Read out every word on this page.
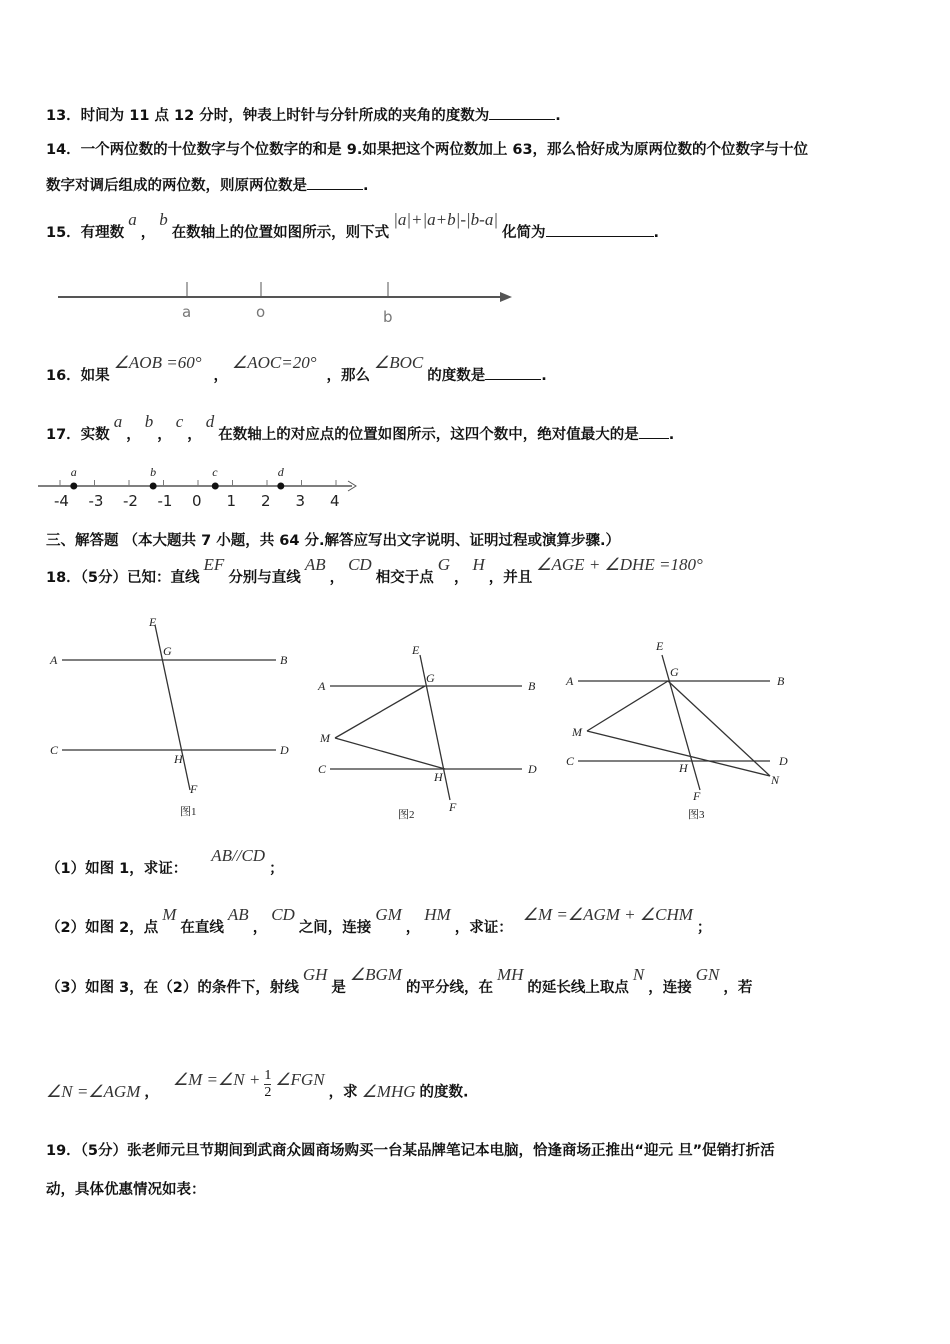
13．时间为 11 点 12 分时，钟表上时针与分针所成的夹角的度数为	.
14．一个两位数的十位数字与个位数字的和是 9.如果把这个两位数加上 63，那么恰好成为原两位数的个位数字与十位
数字对调后组成的两位数，则原两位数是	.
15．有理数a，b在数轴上的位置如图所示，则下式|a|+|a+b|-|b-a|化简为	.
a	o	b
16．如果∠AOB =60°，∠AOC=20°，那么∠BOC的度数是	.
17．实数a，b，c，d在数轴上的对应点的位置如图所示，这四个数中，绝对值最大的是 .
-4 -3 -2 -1 0 1 2 3 4
a	b	c	d
三、解答题 （本大题共 7 小题，共 64 分.解答应写出文字说明、证明过程或演算步骤.）
18．（5分）已知：直线EF分别与直线AB，CD相交于点G，H，并且∠AGE + ∠DHE =180°
A	B
C	D
E
G
H
F
图1
A	B
C	D
E
G
H
F
M
图2
A	B
C	D
E
G
H
F
M
N
图3
（1）如图 1，求证：AB//CD；
（2）如图 2，点M在直线AB，CD之间，连接GM，HM，求证：∠M =∠AGM + ∠CHM；
（3）如图 3，在（2）的条件下，射线GH是∠BGM的平分线，在MH的延长线上取点N，连接GN，若
∠N =∠AGM ，∠M =∠N + $\frac{1}{2}$ ∠FGN，求 ∠MHG 的度数.
19．（5分）张老师元旦节期间到武商众圆商场购买一台某品牌笔记本电脑，恰逢商场正推出“迎元 旦”促销打折活
动，具体优惠情况如表：
